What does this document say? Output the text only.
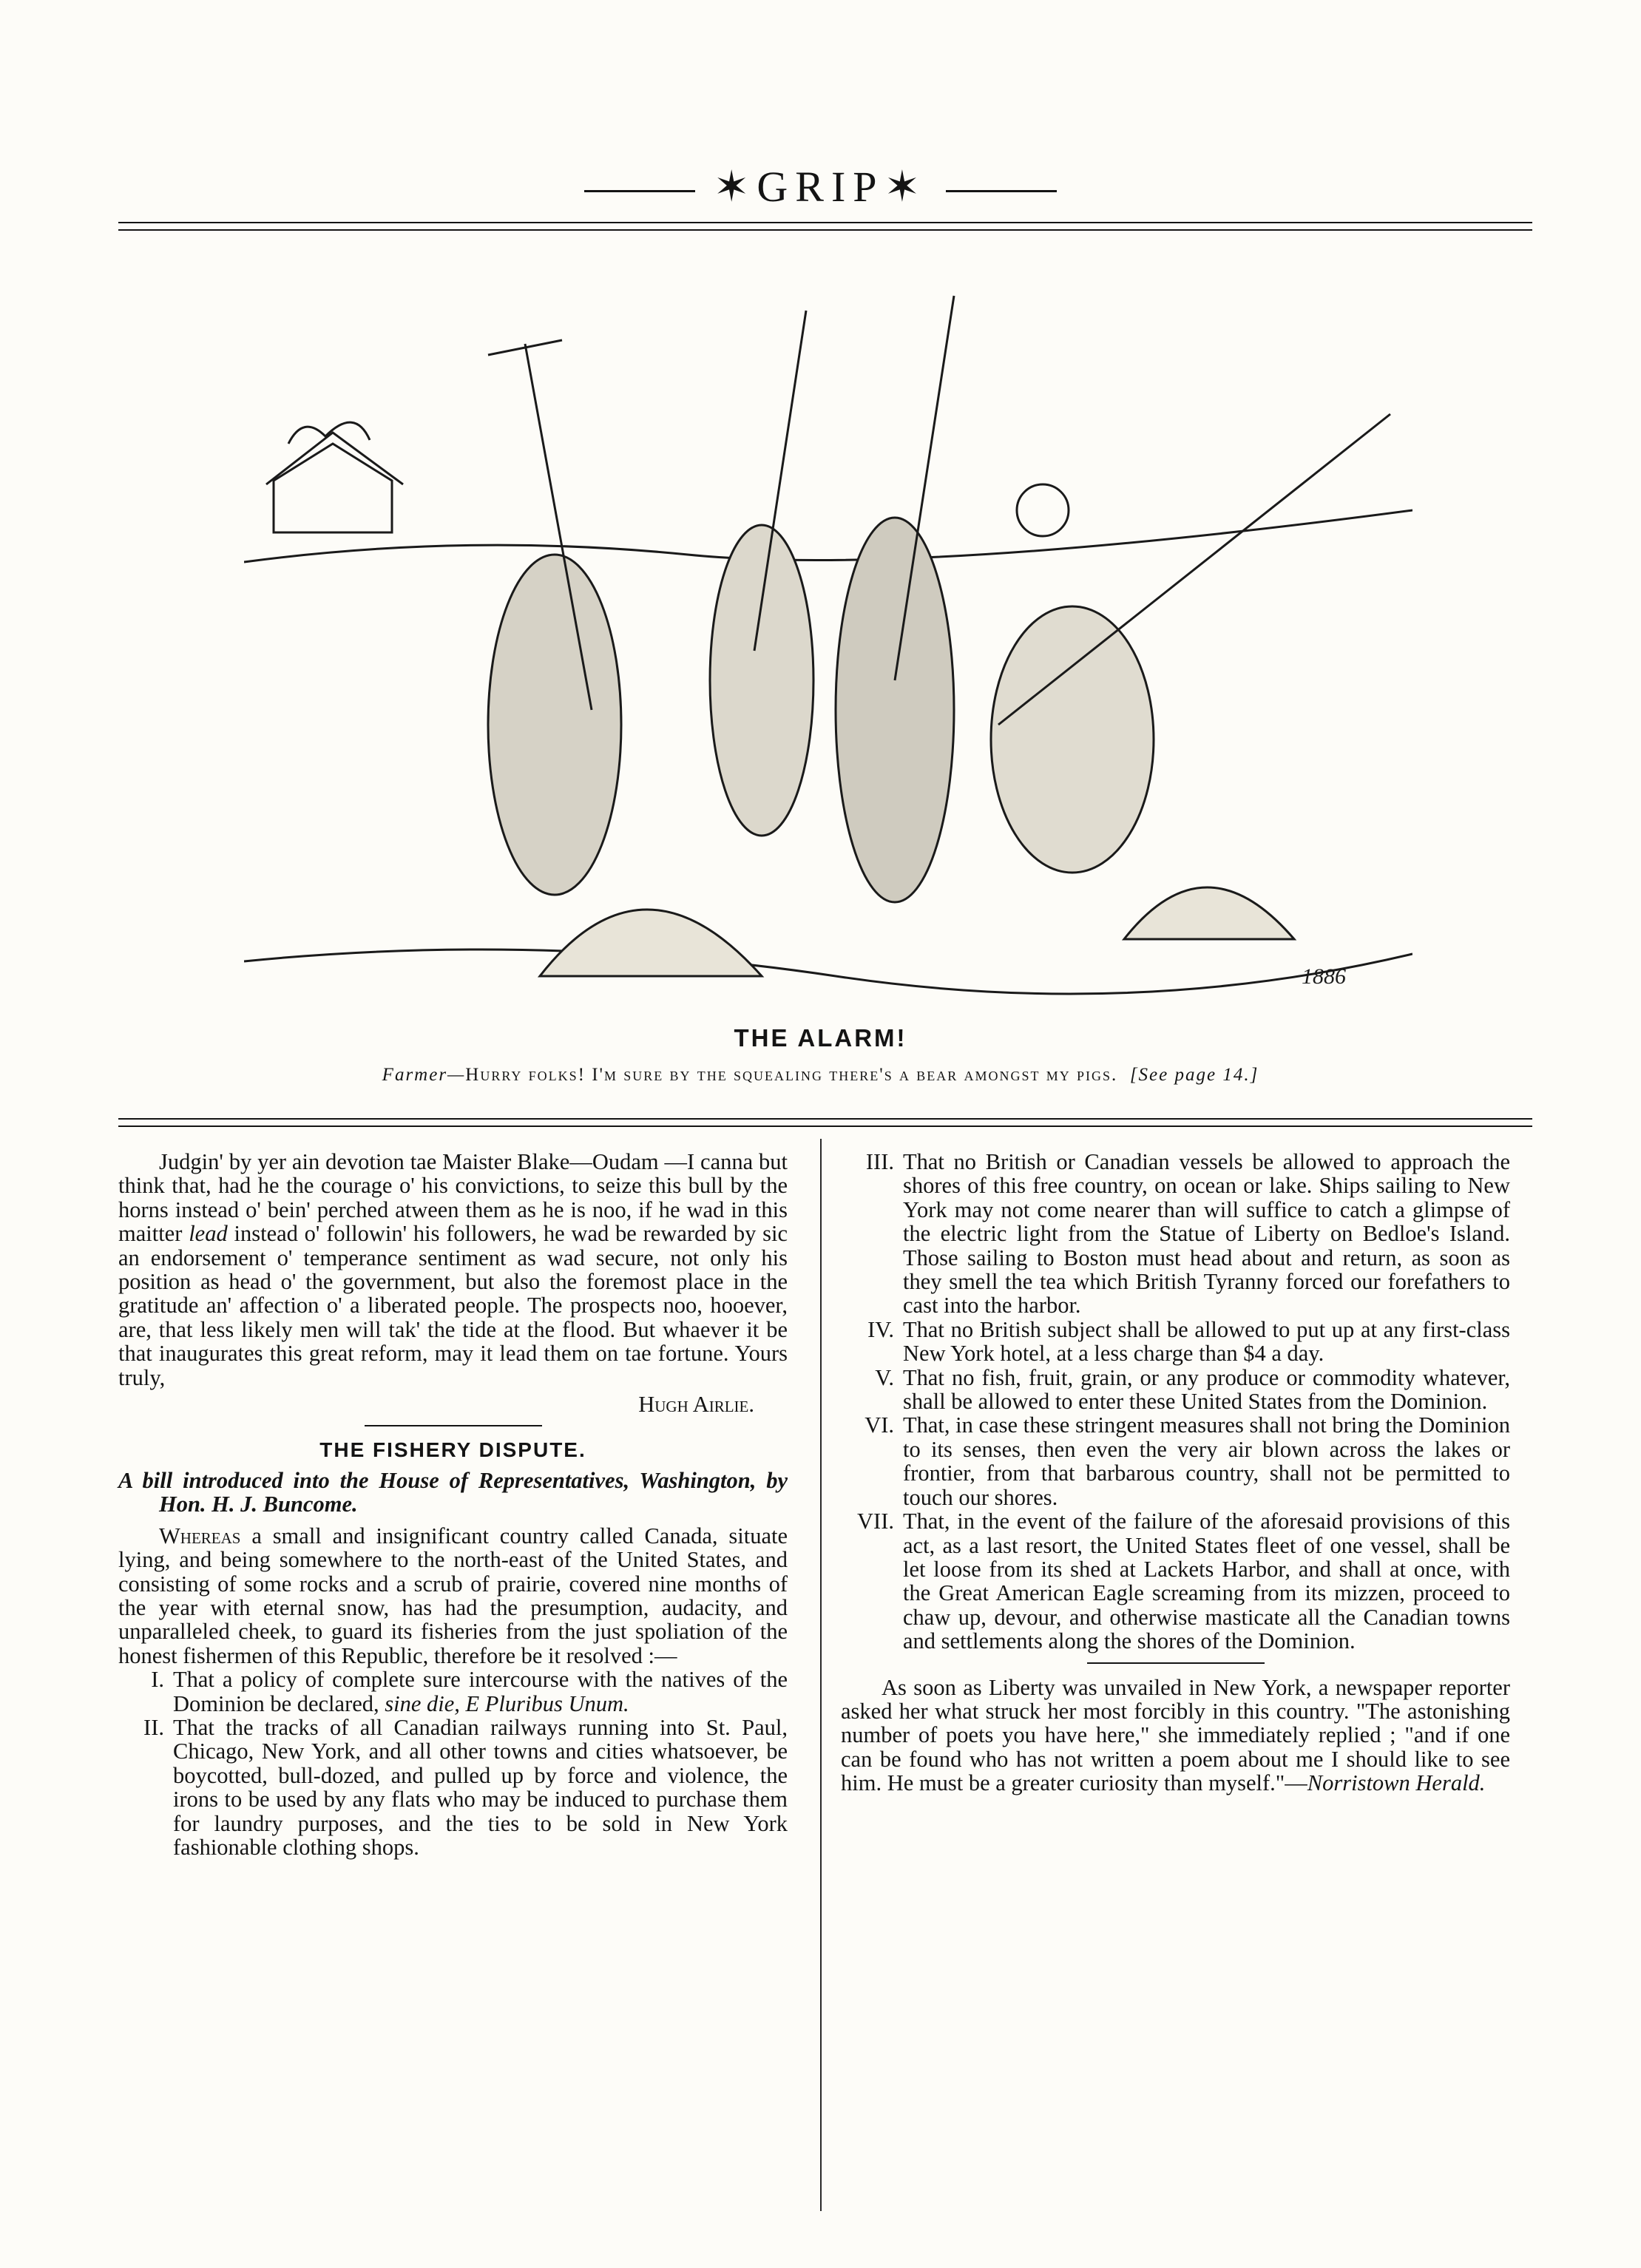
✶GRIP✶
1886
THE ALARM!
Farmer—Hurry folks! I'm sure by the squealing there's a bear amongst my pigs. [See page 14.]

Judgin' by yer ain devotion tae Maister Blake—Oudam —I canna but think that, had he the courage o' his convictions, to seize this bull by the horns instead o' bein' perched atween them as he is noo, if he wad in this maitter lead instead o' followin' his followers, he wad be rewarded by sic an endorsement o' temperance sentiment as wad secure, not only his position as head o' the government, but also the foremost place in the gratitude an' affection o' a liberated people. The prospects noo, hooever, are, that less likely men will tak' the tide at the flood. But whaever it be that inaugurates this great reform, may it lead them on tae fortune. Yours truly,

Hugh Airlie.

THE FISHERY DISPUTE.

A bill introduced into the House of Representatives, Washington, by Hon. H. J. Buncome.

Whereas a small and insignificant country called Canada, situate lying, and being somewhere to the north-east of the United States, and consisting of some rocks and a scrub of prairie, covered nine months of the year with eternal snow, has had the presumption, audacity, and unparalleled cheek, to guard its fisheries from the just spoliation of the honest fishermen of this Republic, therefore be it resolved :—

I. That a policy of complete sure intercourse with the natives of the Dominion be declared, sine die, E Pluribus Unum.
II. That the tracks of all Canadian railways running into St. Paul, Chicago, New York, and all other towns and cities whatsoever, be boycotted, bull-dozed, and pulled up by force and violence, the irons to be used by any flats who may be induced to purchase them for laundry purposes, and the ties to be sold in New York fashionable clothing shops.
III. That no British or Canadian vessels be allowed to approach the shores of this free country, on ocean or lake. Ships sailing to New York may not come nearer than will suffice to catch a glimpse of the electric light from the Statue of Liberty on Bedloe's Island. Those sailing to Boston must head about and return, as soon as they smell the tea which British Tyranny forced our forefathers to cast into the harbor.
IV. That no British subject shall be allowed to put up at any first-class New York hotel, at a less charge than $4 a day.
V. That no fish, fruit, grain, or any produce or commodity whatever, shall be allowed to enter these United States from the Dominion.
VI. That, in case these stringent measures shall not bring the Dominion to its senses, then even the very air blown across the lakes or frontier, from that barbarous country, shall not be permitted to touch our shores.
VII. That, in the event of the failure of the aforesaid provisions of this act, as a last resort, the United States fleet of one vessel, shall be let loose from its shed at Lackets Harbor, and shall at once, with the Great American Eagle screaming from its mizzen, proceed to chaw up, devour, and otherwise masticate all the Canadian towns and settlements along the shores of the Dominion.

As soon as Liberty was unvailed in New York, a newspaper reporter asked her what struck her most forcibly in this country. "The astonishing number of poets you have here," she immediately replied ; "and if one can be found who has not written a poem about me I should like to see him. He must be a greater curiosity than myself."—Norristown Herald.
